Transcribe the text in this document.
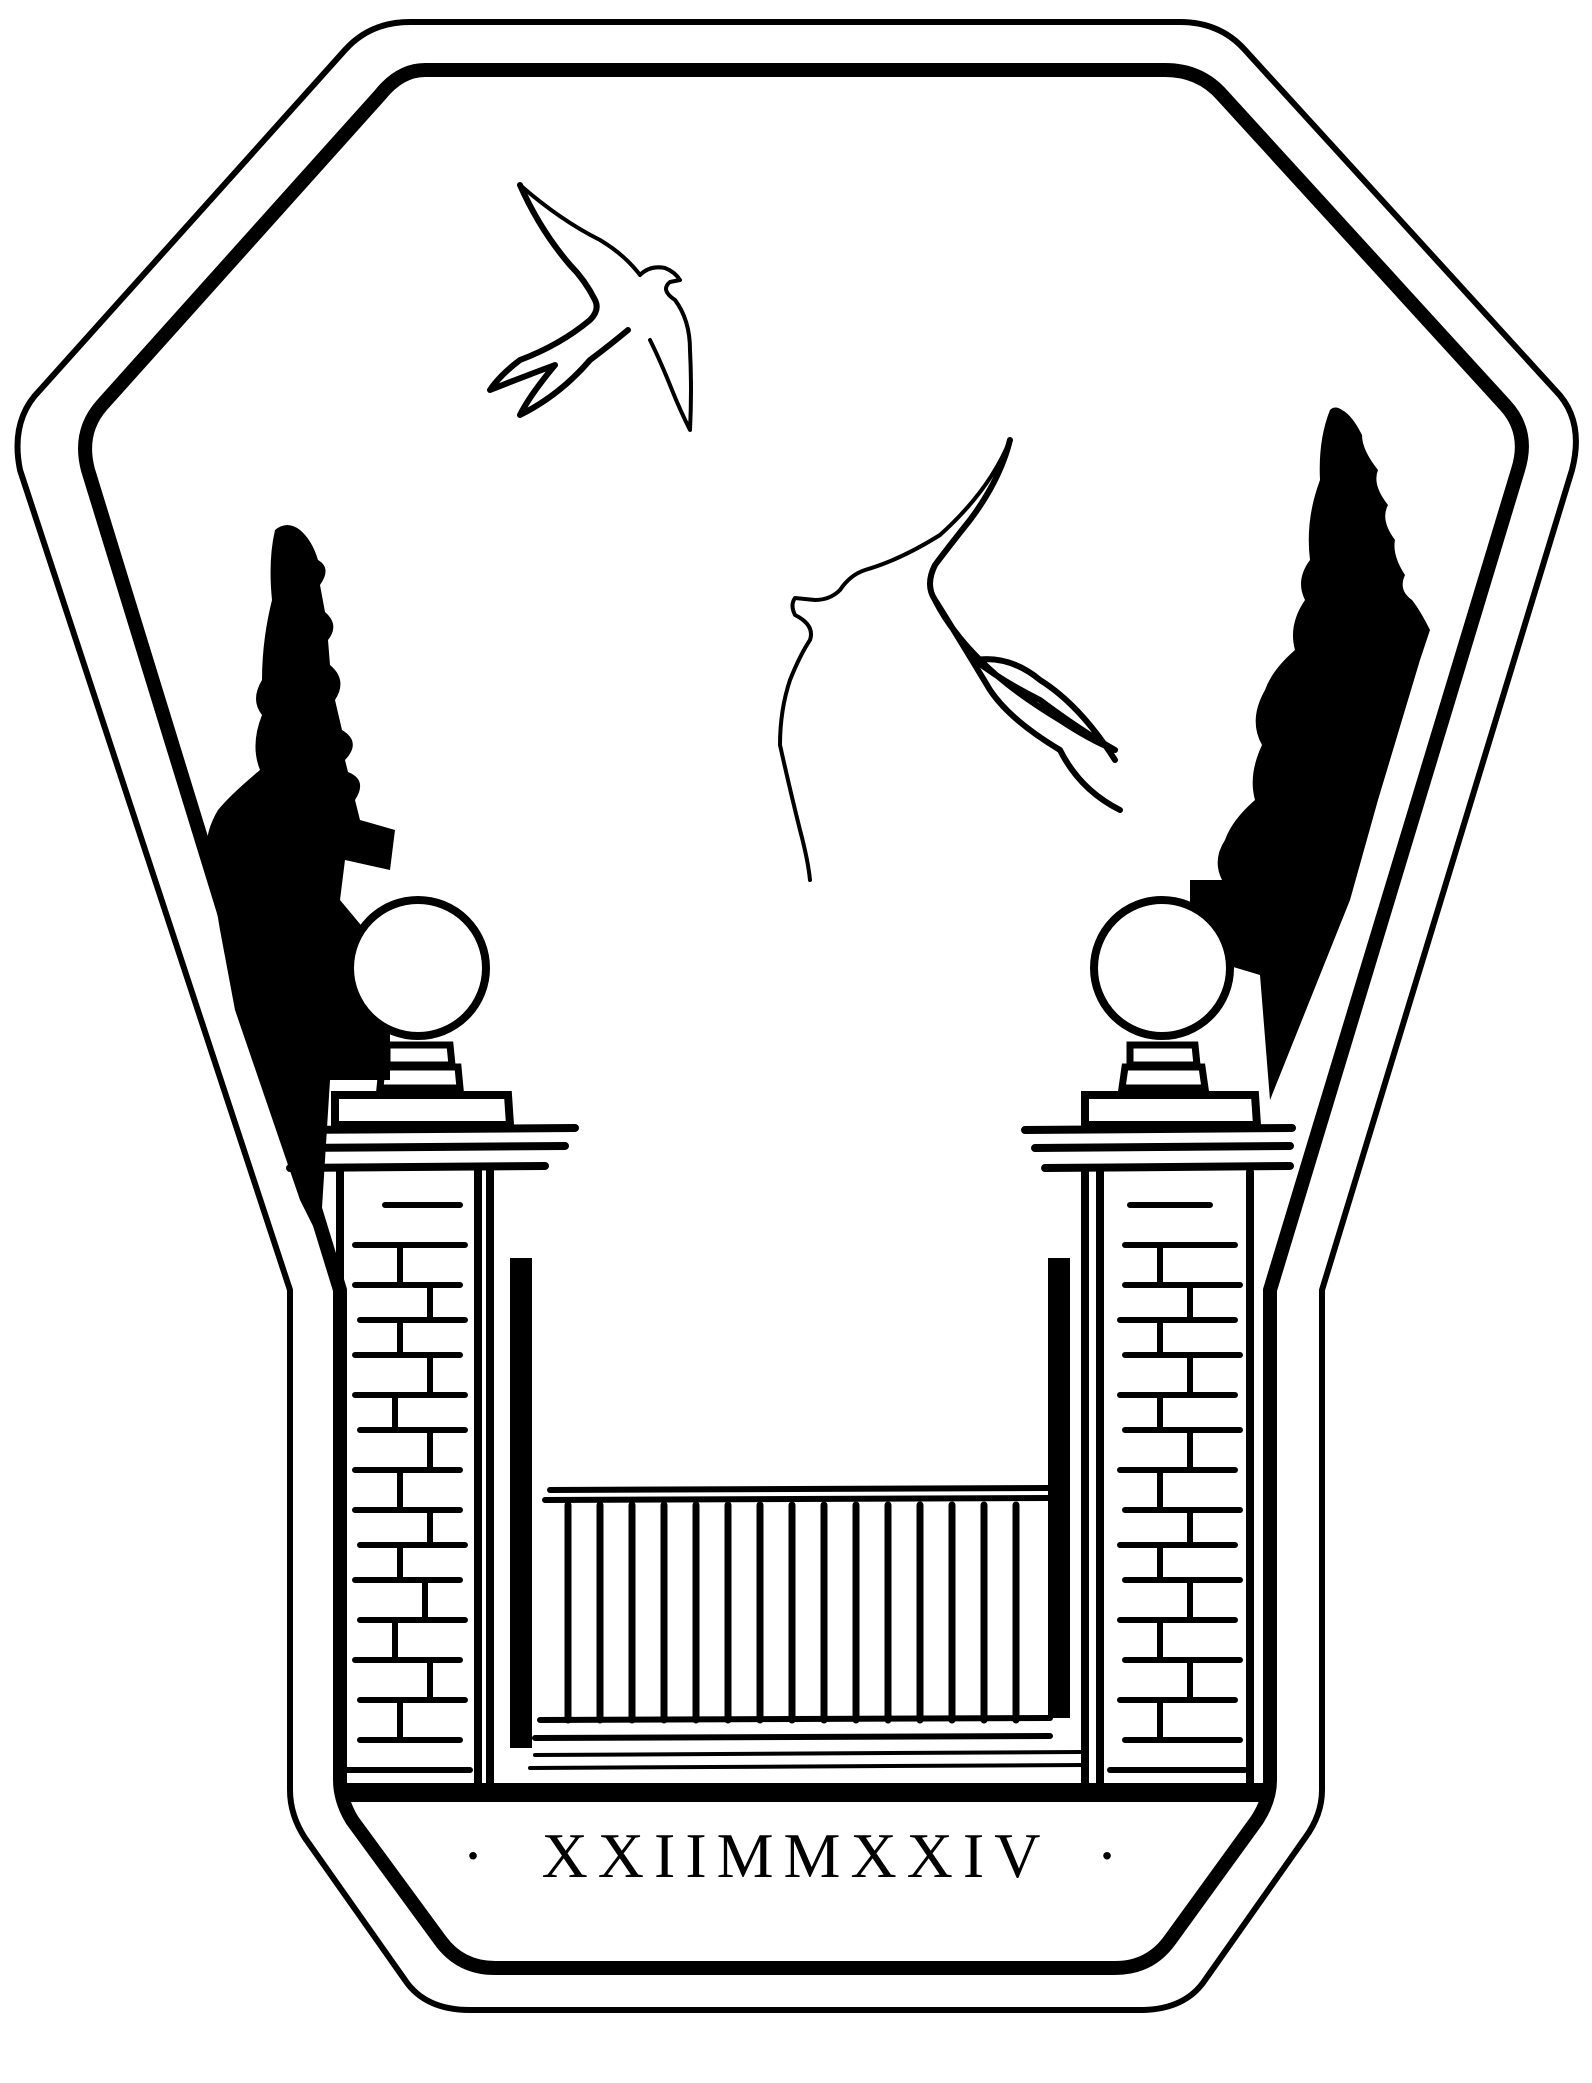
· XXIIMMXXIV ·
